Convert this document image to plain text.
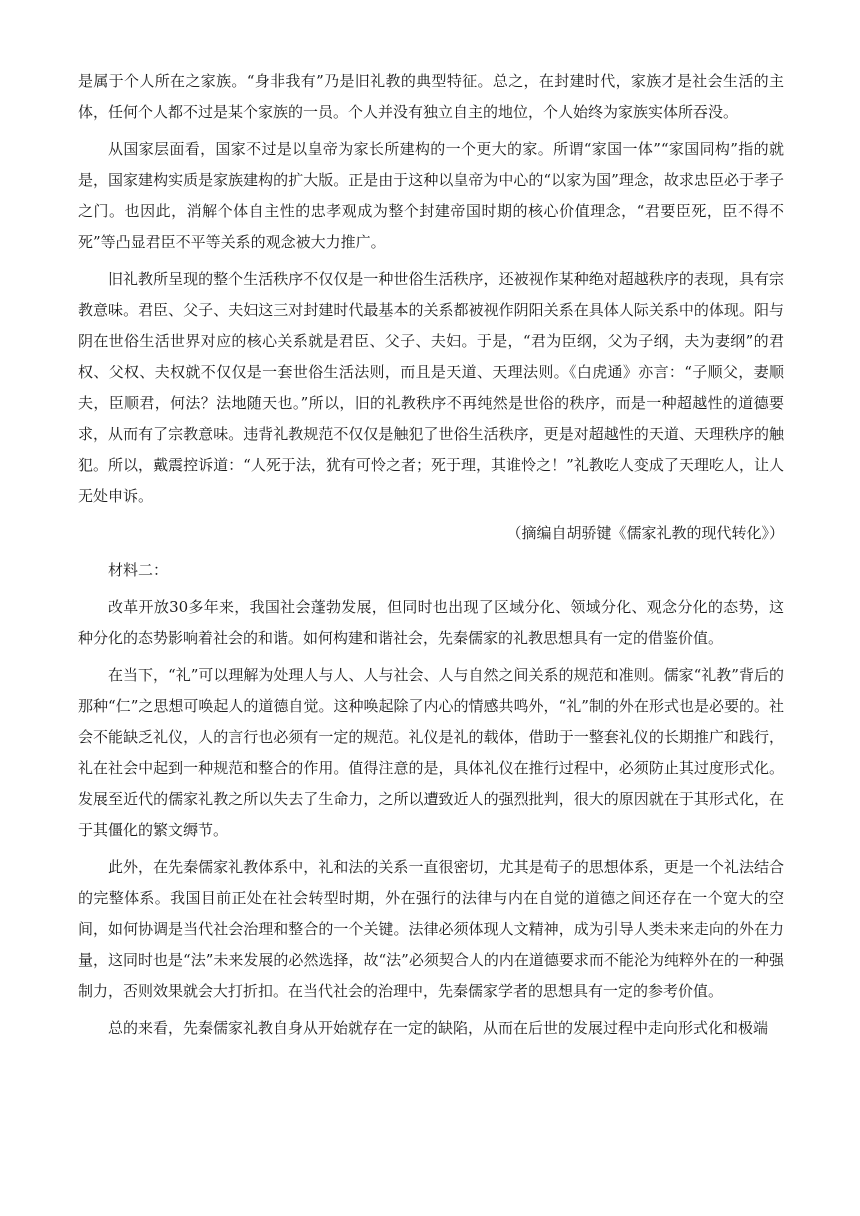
是属于个人所在之家族。“身非我有”乃是旧礼教的典型特征。总之，在封建时代，家族才是社会生活的主体，任何个人都不过是某个家族的一员。个人并没有独立自主的地位，个人始终为家族实体所吞没。

从国家层面看，国家不过是以皇帝为家长所建构的一个更大的家。所谓“家国一体”“家国同构”指的就是，国家建构实质是家族建构的扩大版。正是由于这种以皇帝为中心的“以家为国”理念，故求忠臣必于孝子之门。也因此，消解个体自主性的忠孝观成为整个封建帝国时期的核心价值理念，“君要臣死，臣不得不死”等凸显君臣不平等关系的观念被大力推广。

旧礼教所呈现的整个生活秩序不仅仅是一种世俗生活秩序，还被视作某种绝对超越秩序的表现，具有宗教意味。君臣、父子、夫妇这三对封建时代最基本的关系都被视作阴阳关系在具体人际关系中的体现。阳与阴在世俗生活世界对应的核心关系就是君臣、父子、夫妇。于是，“君为臣纲，父为子纲，夫为妻纲”的君权、父权、夫权就不仅仅是一套世俗生活法则，而且是天道、天理法则。《白虎通》亦言：“子顺父，妻顺夫，臣顺君，何法？法地随天也。”所以，旧的礼教秩序不再纯然是世俗的秩序，而是一种超越性的道德要求，从而有了宗教意味。违背礼教规范不仅仅是触犯了世俗生活秩序，更是对超越性的天道、天理秩序的触犯。所以，戴震控诉道：“人死于法，犹有可怜之者；死于理，其谁怜之！”礼教吃人变成了天理吃人，让人无处申诉。

（摘编自胡骄键《儒家礼教的现代转化》）

材料二：

改革开放30多年来，我国社会蓬勃发展，但同时也出现了区域分化、领域分化、观念分化的态势，这种分化的态势影响着社会的和谐。如何构建和谐社会，先秦儒家的礼教思想具有一定的借鉴价值。

在当下，“礼”可以理解为处理人与人、人与社会、人与自然之间关系的规范和准则。儒家“礼教”背后的那种“仁”之思想可唤起人的道德自觉。这种唤起除了内心的情感共鸣外，“礼”制的外在形式也是必要的。社会不能缺乏礼仪，人的言行也必须有一定的规范。礼仪是礼的载体，借助于一整套礼仪的长期推广和践行，礼在社会中起到一种规范和整合的作用。值得注意的是，具体礼仪在推行过程中，必须防止其过度形式化。发展至近代的儒家礼教之所以失去了生命力，之所以遭致近人的强烈批判，很大的原因就在于其形式化，在于其僵化的繁文缛节。

此外，在先秦儒家礼教体系中，礼和法的关系一直很密切，尤其是荀子的思想体系，更是一个礼法结合的完整体系。我国目前正处在社会转型时期，外在强行的法律与内在自觉的道德之间还存在一个宽大的空间，如何协调是当代社会治理和整合的一个关键。法律必须体现人文精神，成为引导人类未来走向的外在力量，这同时也是“法”未来发展的必然选择，故“法”必须契合人的内在道德要求而不能沦为纯粹外在的一种强制力，否则效果就会大打折扣。在当代社会的治理中，先秦儒家学者的思想具有一定的参考价值。

总的来看，先秦儒家礼教自身从开始就存在一定的缺陷，从而在后世的发展过程中走向形式化和极端
